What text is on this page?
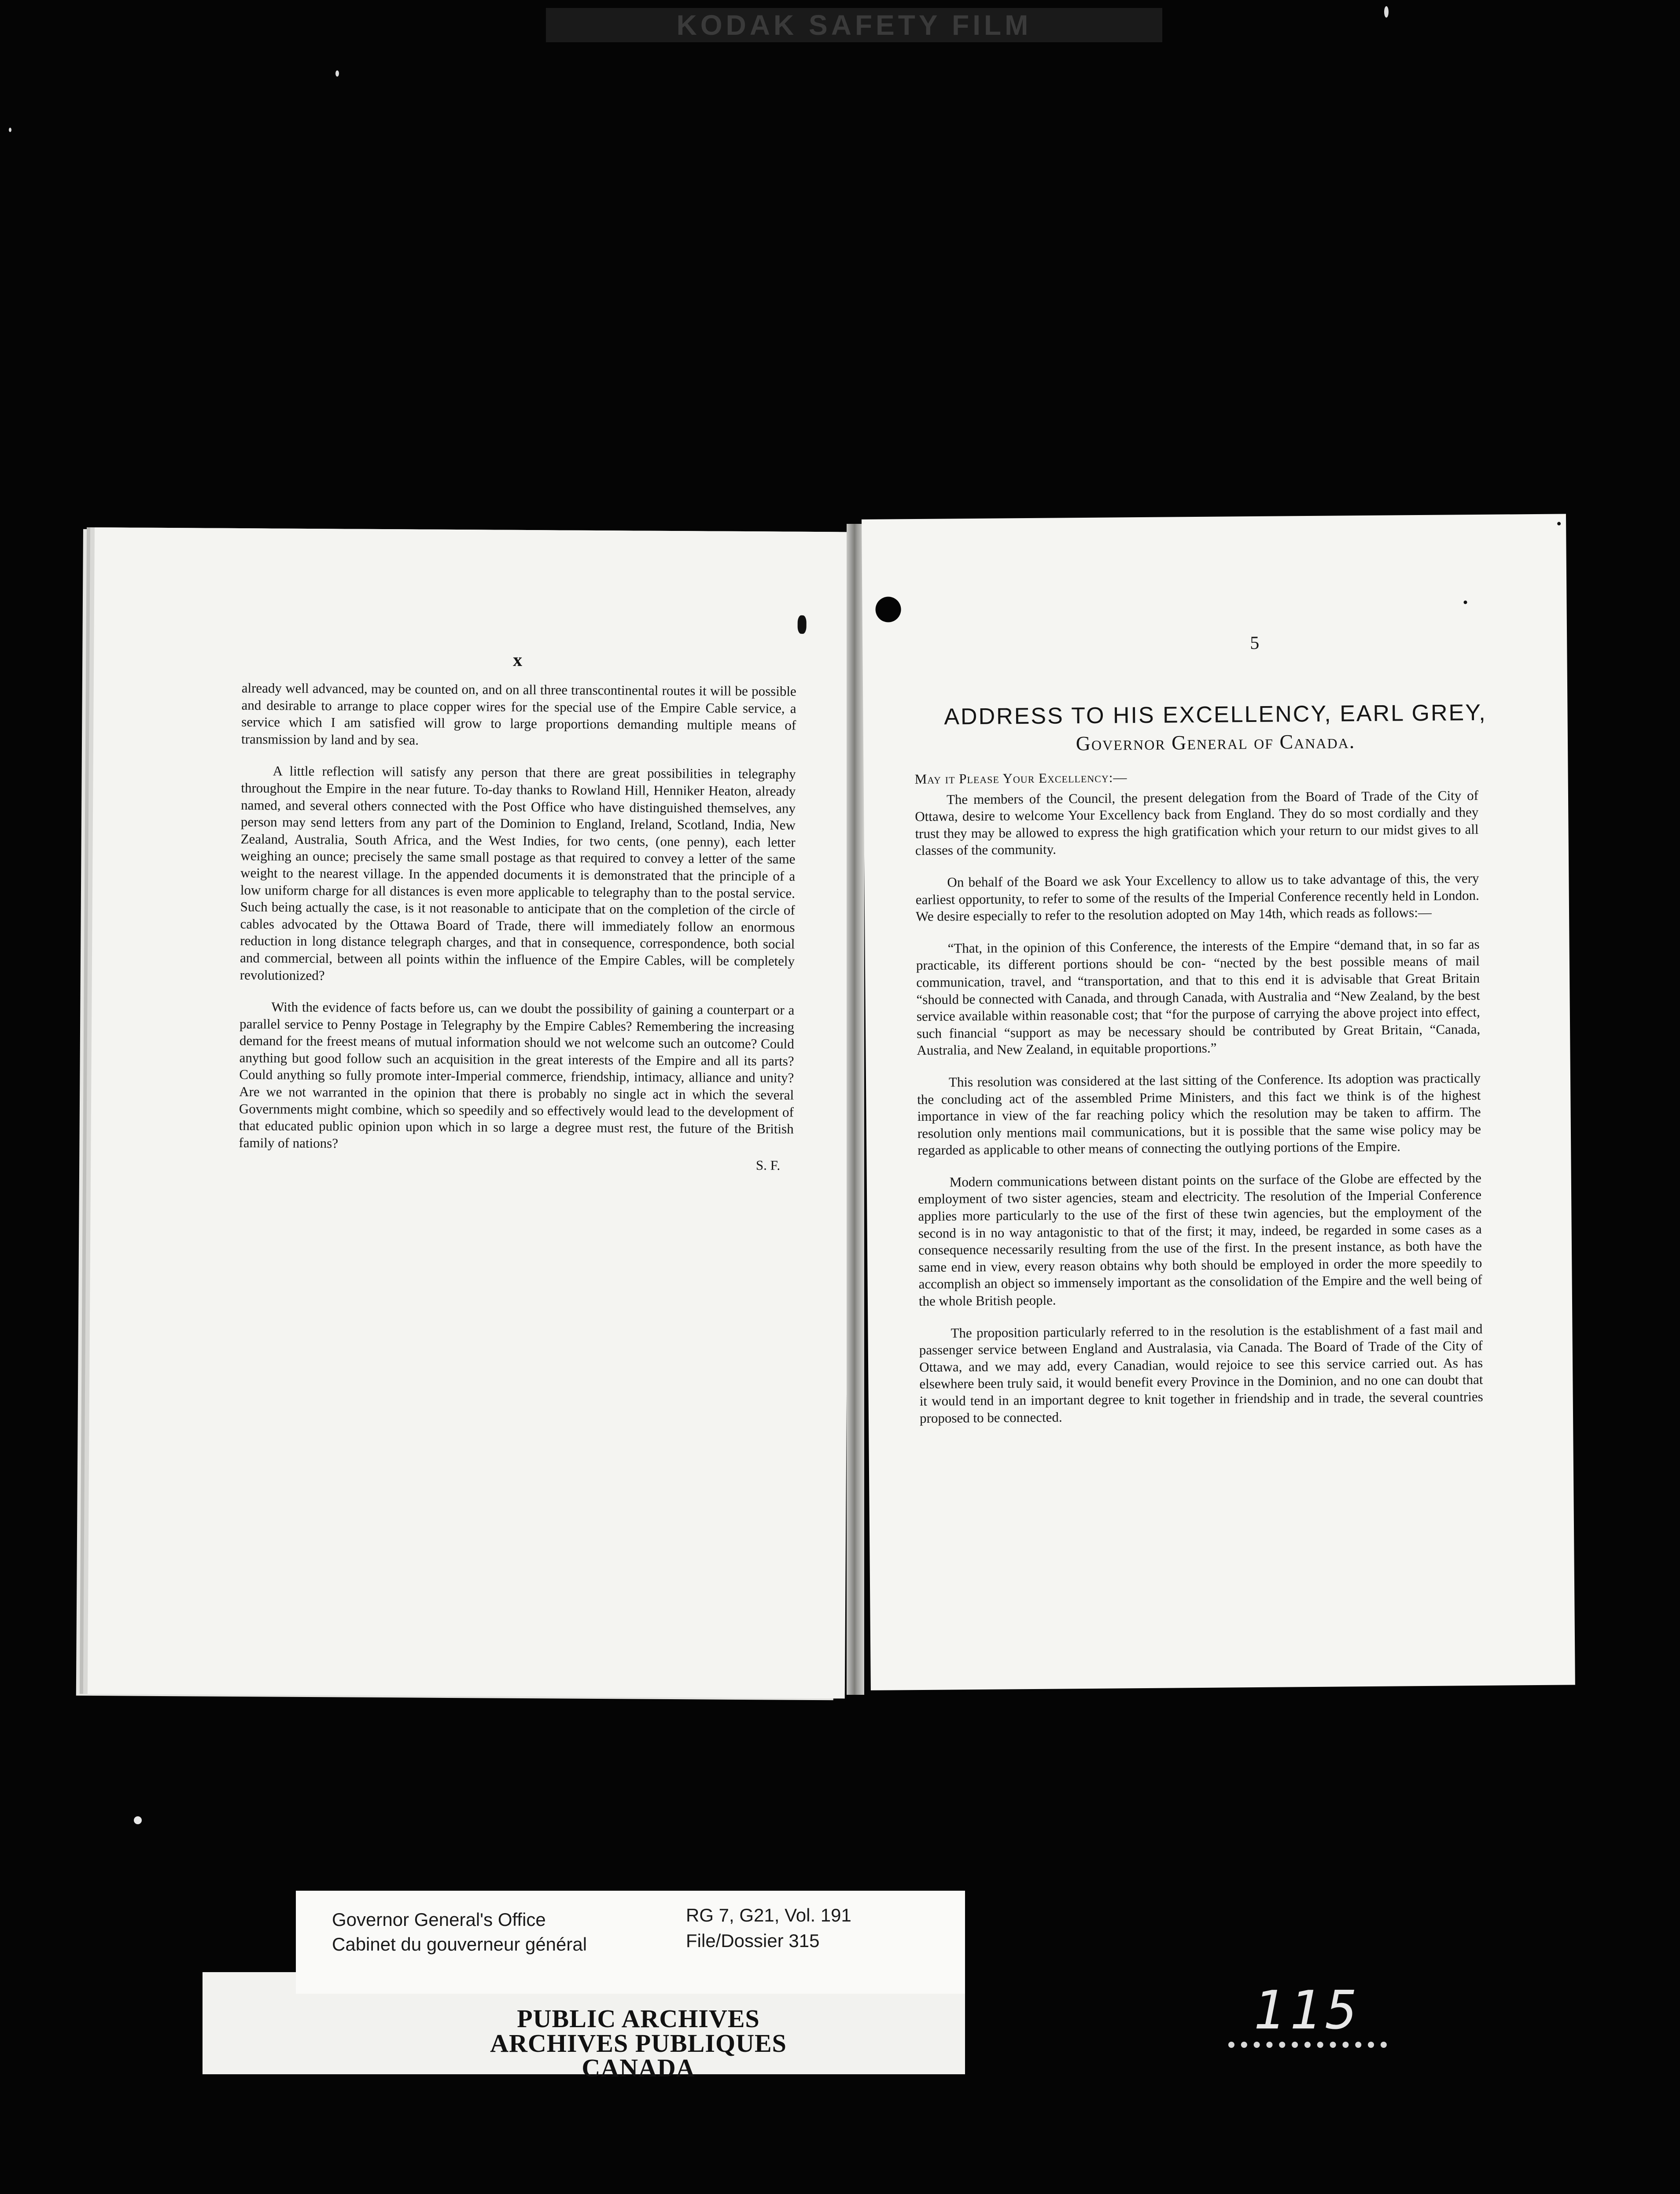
KODAK SAFETY FILM
x

already well advanced, may be counted on, and on all three transcontinental routes it will be possible and desirable to arrange to place copper wires for the special use of the Empire Cable service, a service which I am satisfied will grow to large proportions demanding multiple means of transmission by land and by sea.

A little reflection will satisfy any person that there are great possibilities in telegraphy throughout the Empire in the near future. To-day thanks to Rowland Hill, Henniker Heaton, already named, and several others connected with the Post Office who have distinguished themselves, any person may send letters from any part of the Dominion to England, Ireland, Scotland, India, New Zealand, Australia, South Africa, and the West Indies, for two cents, (one penny), each letter weighing an ounce; precisely the same small postage as that required to convey a letter of the same weight to the nearest village. In the appended documents it is demonstrated that the principle of a low uniform charge for all distances is even more applicable to telegraphy than to the postal service. Such being actually the case, is it not reasonable to anticipate that on the completion of the circle of cables advocated by the Ottawa Board of Trade, there will immediately follow an enormous reduction in long distance telegraph charges, and that in consequence, correspondence, both social and commercial, between all points within the influence of the Empire Cables, will be completely revolutionized?

With the evidence of facts before us, can we doubt the possibility of gaining a counterpart or a parallel service to Penny Postage in Telegraphy by the Empire Cables? Remembering the increasing demand for the freest means of mutual information should we not welcome such an outcome? Could anything but good follow such an acquisition in the great interests of the Empire and all its parts? Could anything so fully promote inter-Imperial commerce, friendship, intimacy, alliance and unity? Are we not warranted in the opinion that there is probably no single act in which the several Governments might combine, which so speedily and so effectively would lead to the development of that educated public opinion upon which in so large a degree must rest, the future of the British family of nations?

S. F.
5
ADDRESS TO HIS EXCELLENCY, EARL GREY,
Governor General of Canada.
May it Please Your Excellency:—

The members of the Council, the present delegation from the Board of Trade of the City of Ottawa, desire to welcome Your Excellency back from England. They do so most cordially and they trust they may be allowed to express the high gratification which your return to our midst gives to all classes of the community.

On behalf of the Board we ask Your Excellency to allow us to take advantage of this, the very earliest opportunity, to refer to some of the results of the Imperial Conference recently held in London. We desire especially to refer to the resolution adopted on May 14th, which reads as follows:—

“That, in the opinion of this Conference, the interests of the Empire “demand that, in so far as practicable, its different portions should be con- “nected by the best possible means of mail communication, travel, and “transportation, and that to this end it is advisable that Great Britain “should be connected with Canada, and through Canada, with Australia and “New Zealand, by the best service available within reasonable cost; that “for the purpose of carrying the above project into effect, such financial “support as may be necessary should be contributed by Great Britain, “Canada, Australia, and New Zealand, in equitable proportions.”

This resolution was considered at the last sitting of the Conference. Its adoption was practically the concluding act of the assembled Prime Ministers, and this fact we think is of the highest importance in view of the far reaching policy which the resolution may be taken to affirm. The resolution only mentions mail communications, but it is possible that the same wise policy may be regarded as applicable to other means of connecting the outlying portions of the Empire.

Modern communications between distant points on the surface of the Globe are effected by the employment of two sister agencies, steam and electricity. The resolution of the Imperial Conference applies more particularly to the use of the first of these twin agencies, but the employment of the second is in no way antagonistic to that of the first; it may, indeed, be regarded in some cases as a consequence necessarily resulting from the use of the first. In the present instance, as both have the same end in view, every reason obtains why both should be employed in order the more speedily to accomplish an object so immensely important as the consolidation of the Empire and the well being of the whole British people.

The proposition particularly referred to in the resolution is the establishment of a fast mail and passenger service between England and Australasia, via Canada. The Board of Trade of the City of Ottawa, and we may add, every Canadian, would rejoice to see this service carried out. As has elsewhere been truly said, it would benefit every Province in the Dominion, and no one can doubt that it would tend in an important degree to knit together in friendship and in trade, the several countries proposed to be connected.

PUBLIC ARCHIVES
ARCHIVES PUBLIQUES
CANADA
Governor General's Office
Cabinet du gouverneur général
RG 7, G21, Vol. 191
File/Dossier 315
115
